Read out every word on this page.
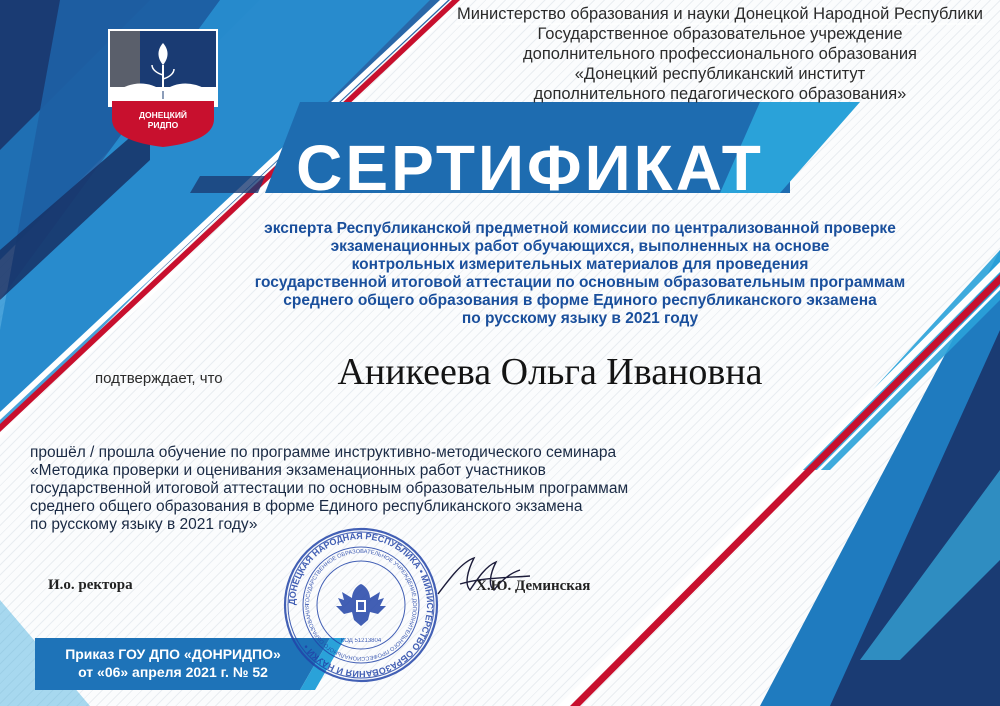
Министерство образования и науки Донецкой Народной Республики
Государственное образовательное учреждение
дополнительного профессионального образования
«Донецкий республиканский институт
дополнительного педагогического образования»
ДОНЕЦКИЙ
РИДПО
СЕРТИФИКАТ
эксперта Республиканской предметной комиссии по централизованной проверке
экзаменационных работ обучающихся, выполненных на основе
контрольных измерительных материалов для проведения
государственной итоговой аттестации по основным образовательным программам
среднего общего образования в форме Единого республиканского экзамена
по русскому языку в 2021 году
подтверждает, что	Аникеева Ольга Ивановна
прошёл / прошла обучение по программе инструктивно-методического семинара
«Методика проверки и оценивания экзаменационных работ участников
государственной итоговой аттестации по основным образовательным программам
среднего общего образования в форме Единого республиканского экзамена
по русскому языку в 2021 году»
ДОНЕЦКАЯ НАРОДНАЯ РЕСПУБЛИКА • МИНИСТЕРСТВО ОБРАЗОВАНИЯ И НАУКИ •
ГОСУДАРСТВЕННОЕ ОБРАЗОВАТЕЛЬНОЕ УЧРЕЖДЕНИЕ ДОПОЛНИТЕЛЬНОГО ПРОФЕССИОНАЛЬНОГО ОБРАЗОВАНИЯ
КОД 51213804
И.о. ректора	Х.Ю. Деминская
Приказ ГОУ ДПО «ДОНРИДПО»
от «06» апреля 2021 г. № 52
